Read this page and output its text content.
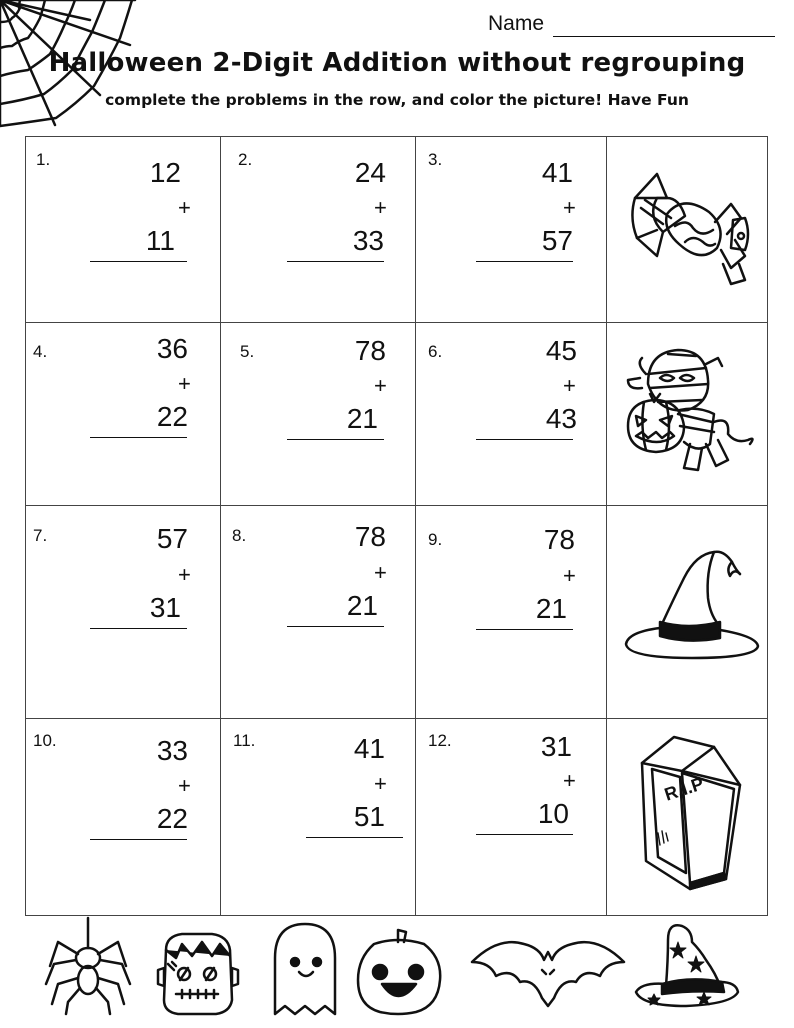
Name
Halloween 2-Digit Addition without regrouping
complete the problems in the row, and color the picture! Have Fun
1.	12
+
11
2.	24
+
33
3.	41
+
57
4.	36
+
22
5.	78
+
21
6.	45
+
43
7.	57
+
31
8.	78
+
21
9.	78
+
21
10.	33
+
22
11.	41
+
51
12.	31
+
10
R.I.P
